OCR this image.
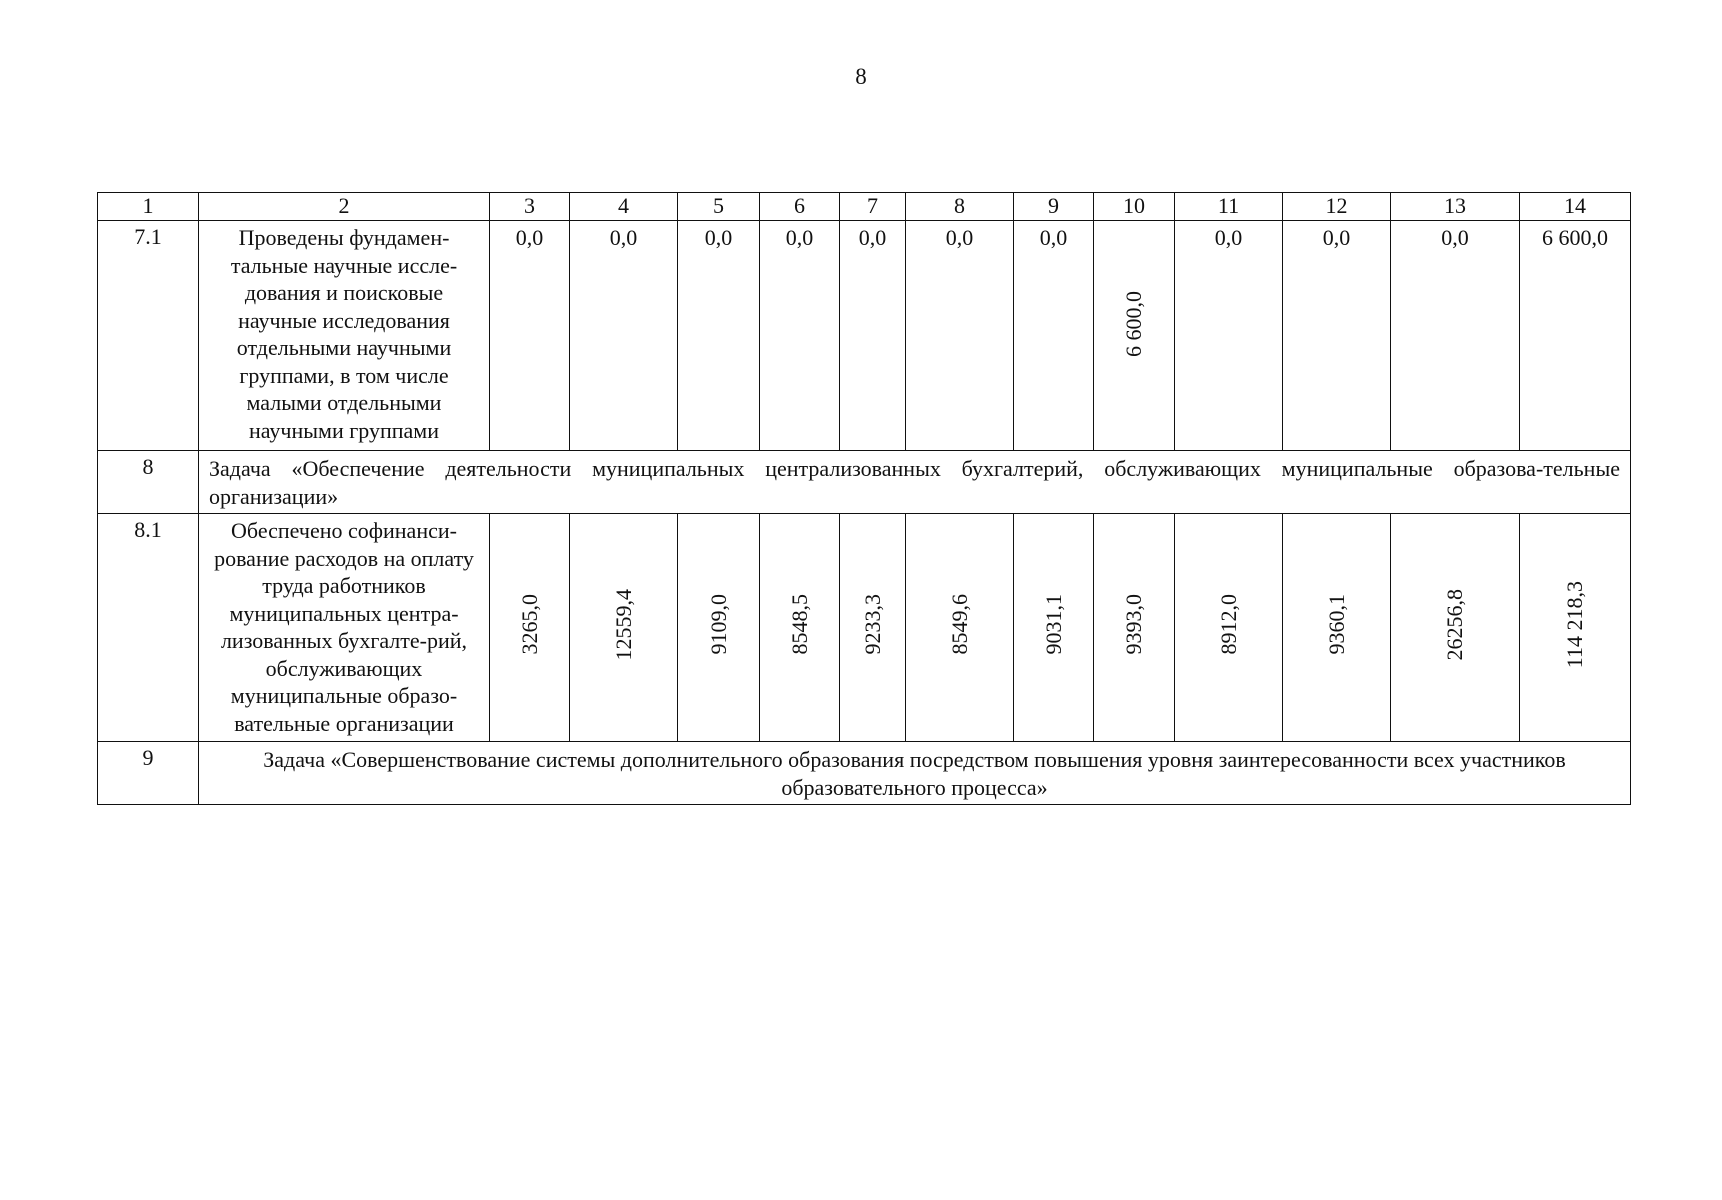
8
1	2	3	4	5	6	7	8	9	10	11	12	13	14
7.1	Проведены фундамен-тальные научные иссле-дования и поисковые научные исследования отдельными научными группами, в том числе малыми отдельными научными группами	0,0	0,0	0,0	0,0	0,0	0,0	0,0	6 600,0	0,0	0,0	0,0	6 600,0
8	Задача «Обеспечение деятельности муниципальных централизованных бухгалтерий, обслуживающих муниципальные образова-тельные организации»												
8.1	Обеспечено софинанси-рование расходов на оплату труда работников муниципальных центра-лизованных бухгалте-рий, обслуживающих муниципальные образо-вательные организации	3265,0	12559,4	9109,0	8548,5	9233,3	8549,6	9031,1	9393,0	8912,0	9360,1	26256,8	114 218,3
9	Задача «Совершенствование системы дополнительного образования посредством повышения уровня заинтересованности всех участников образовательного процесса»												
